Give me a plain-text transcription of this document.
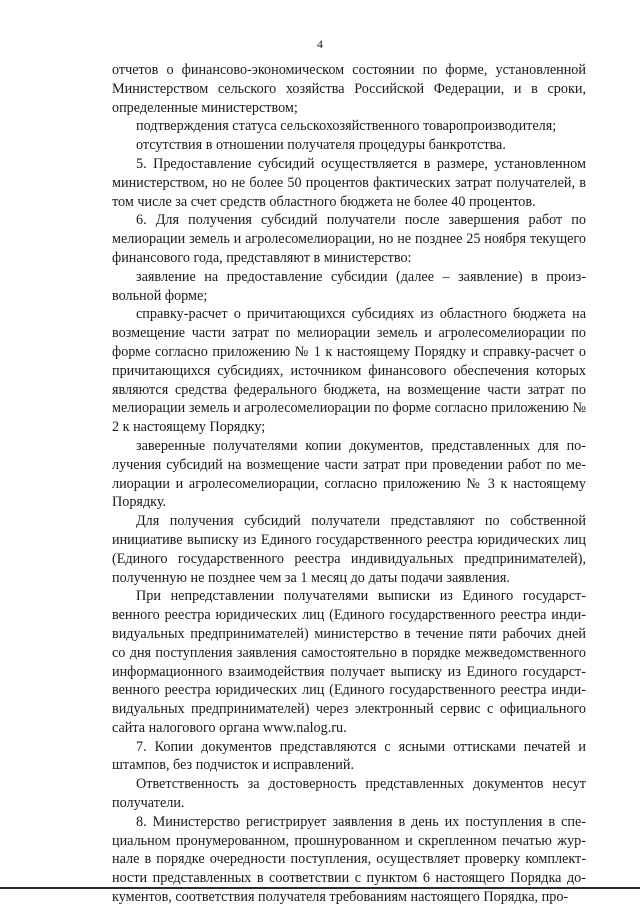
4

отчетов о финансово-экономическом состоянии по форме, установленной Министерством сельского хозяйства Российской Федерации, и в сроки, определенные министерством;

подтверждения статуса сельскохозяйственного товаропроизводителя;

отсутствия в отношении получателя процедуры банкротства.

5. Предоставление субсидий осуществляется в размере, установленном министерством, но не более 50 процентов фактических затрат получателей, в том числе за счет средств областного бюджета не более 40 процентов.

6. Для получения субсидий получатели после завершения работ по мелиорации земель и агролесомелиорации, но не позднее 25 ноября текущего финансового года, представляют в министерство:

заявление на предоставление субсидии (далее – заявление) в произвольной форме;

справку-расчет о причитающихся субсидиях из областного бюджета на возмещение части затрат по мелиорации земель и агролесомелиорации по форме согласно приложению № 1 к настоящему Порядку и справку-расчет о причитающихся субсидиях, источником финансового обеспечения которых являются средства федерального бюджета, на возмещение части затрат по мелиорации земель и агролесомелиорации по форме согласно приложению № 2 к настоящему Порядку;

заверенные получателями копии документов, представленных для получения субсидий на возмещение части затрат при проведении работ по мелиорации и агролесомелиорации, согласно приложению № 3 к настоящему Порядку.

Для получения субсидий получатели представляют по собственной инициативе выписку из Единого государственного реестра юридических лиц (Единого государственного реестра индивидуальных предпринимателей), полученную не позднее чем за 1 месяц до даты подачи заявления.

При непредставлении получателями выписки из Единого государственного реестра юридических лиц (Единого государственного реестра индивидуальных предпринимателей) министерство в течение пяти рабочих дней со дня поступления заявления самостоятельно в порядке межведомственного информационного взаимодействия получает выписку из Единого государственного реестра юридических лиц (Единого государственного реестра индивидуальных предпринимателей) через электронный сервис с официального сайта налогового органа www.nalog.ru.

7. Копии документов представляются с ясными оттисками печатей и штампов, без подчисток и исправлений.

Ответственность за достоверность представленных документов несут получатели.

8. Министерство регистрирует заявления в день их поступления в специальном пронумерованном, прошнурованном и скрепленном печатью журнале в порядке очередности поступления, осуществляет проверку комплектности представленных в соответствии с пунктом 6 настоящего Порядка документов, соответствия получателя требованиям настоящего Порядка, про-
